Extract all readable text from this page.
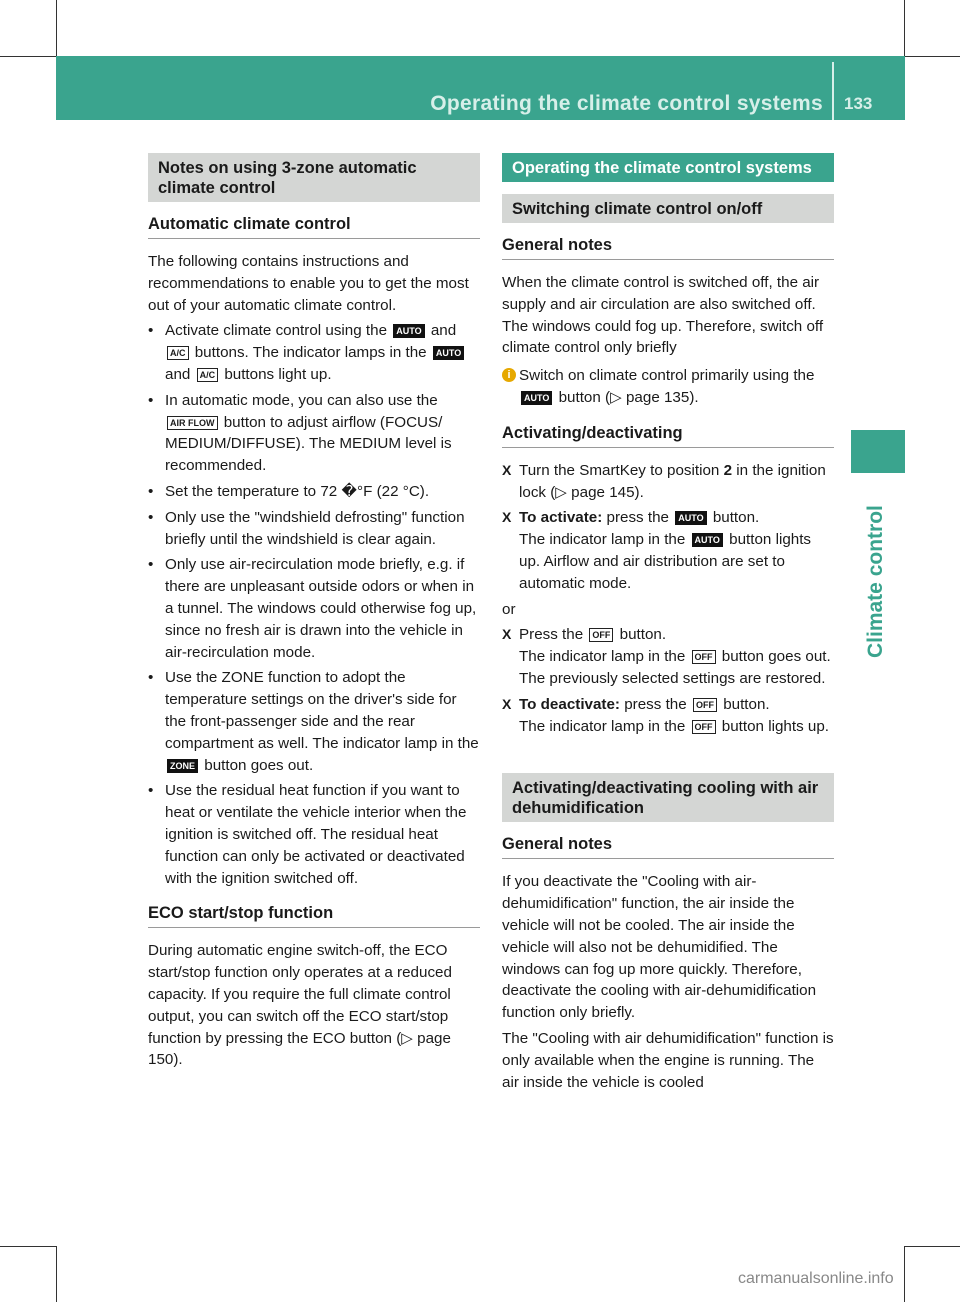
Operating the climate control systems 133
Climate control
Notes on using 3-zone automatic climate control
Automatic climate control

The following contains instructions and recommendations to enable you to get the most out of your automatic climate control.

• Activate climate control using the AUTO and A/C buttons. The indicator lamps in the AUTO and A/C buttons light up.
• In automatic mode, you can also use the AIR FLOW button to adjust airflow (FOCUS/ MEDIUM/DIFFUSE). The MEDIUM level is recommended.
• Set the temperature to 72 �°F (22 °C).
• Only use the "windshield defrosting" function briefly until the windshield is clear again.
• Only use air-recirculation mode briefly, e.g. if there are unpleasant outside odors or when in a tunnel. The windows could otherwise fog up, since no fresh air is drawn into the vehicle in air-recirculation mode.
• Use the ZONE function to adopt the temperature settings on the driver's side for the front-passenger side and the rear compartment as well. The indicator lamp in the ZONE button goes out.
• Use the residual heat function if you want to heat or ventilate the vehicle interior when the ignition is switched off. The residual heat function can only be activated or deactivated with the ignition switched off.
ECO start/stop function

During automatic engine switch-off, the ECO start/stop function only operates at a reduced capacity. If you require the full climate control output, you can switch off the ECO start/stop function by pressing the ECO button (▷ page 150).

Operating the climate control systems
Switching climate control on/off
General notes

When the climate control is switched off, the air supply and air circulation are also switched off. The windows could fog up. Therefore, switch off climate control only briefly

i Switch on climate control primarily using the AUTO button (▷ page 135).
Activating/deactivating
X Turn the SmartKey to position 2 in the ignition lock (▷ page 145).
X To activate: press the AUTO button.
The indicator lamp in the AUTO button lights up. Airflow and air distribution are set to automatic mode.

or

X Press the OFF button.
The indicator lamp in the OFF button goes out. The previously selected settings are restored.
X To deactivate: press the OFF button.
The indicator lamp in the OFF button lights up.
Activating/deactivating cooling with air dehumidification
General notes

If you deactivate the "Cooling with air-dehumidification" function, the air inside the vehicle will not be cooled. The air inside the vehicle will also not be dehumidified. The windows can fog up more quickly. Therefore, deactivate the cooling with air-dehumidification function only briefly.

The "Cooling with air dehumidification" function is only available when the engine is running. The air inside the vehicle is cooled

carmanualsonline.info
